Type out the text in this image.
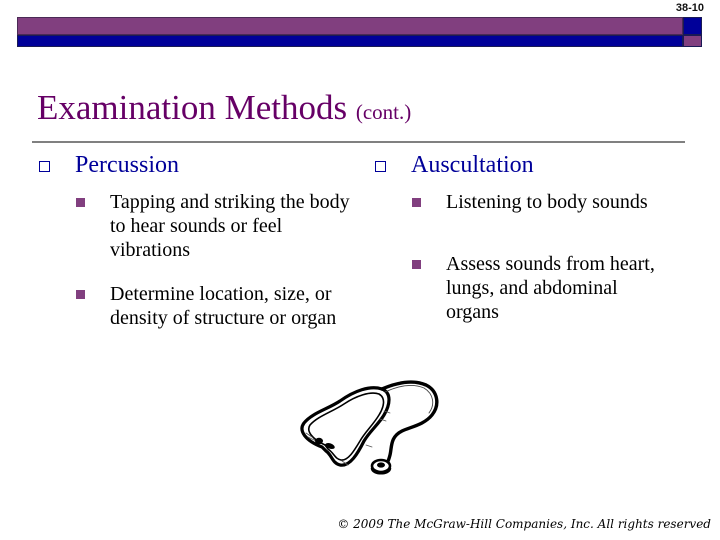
38-10
Examination Methods (cont.)
Percussion
Tapping and striking the body to hear sounds or feel vibrations
Determine location, size, or density of structure or organ
Auscultation
Listening to body sounds
Assess sounds from heart, lungs, and abdominal organs
© 2009 The McGraw-Hill Companies, Inc. All rights reserved
